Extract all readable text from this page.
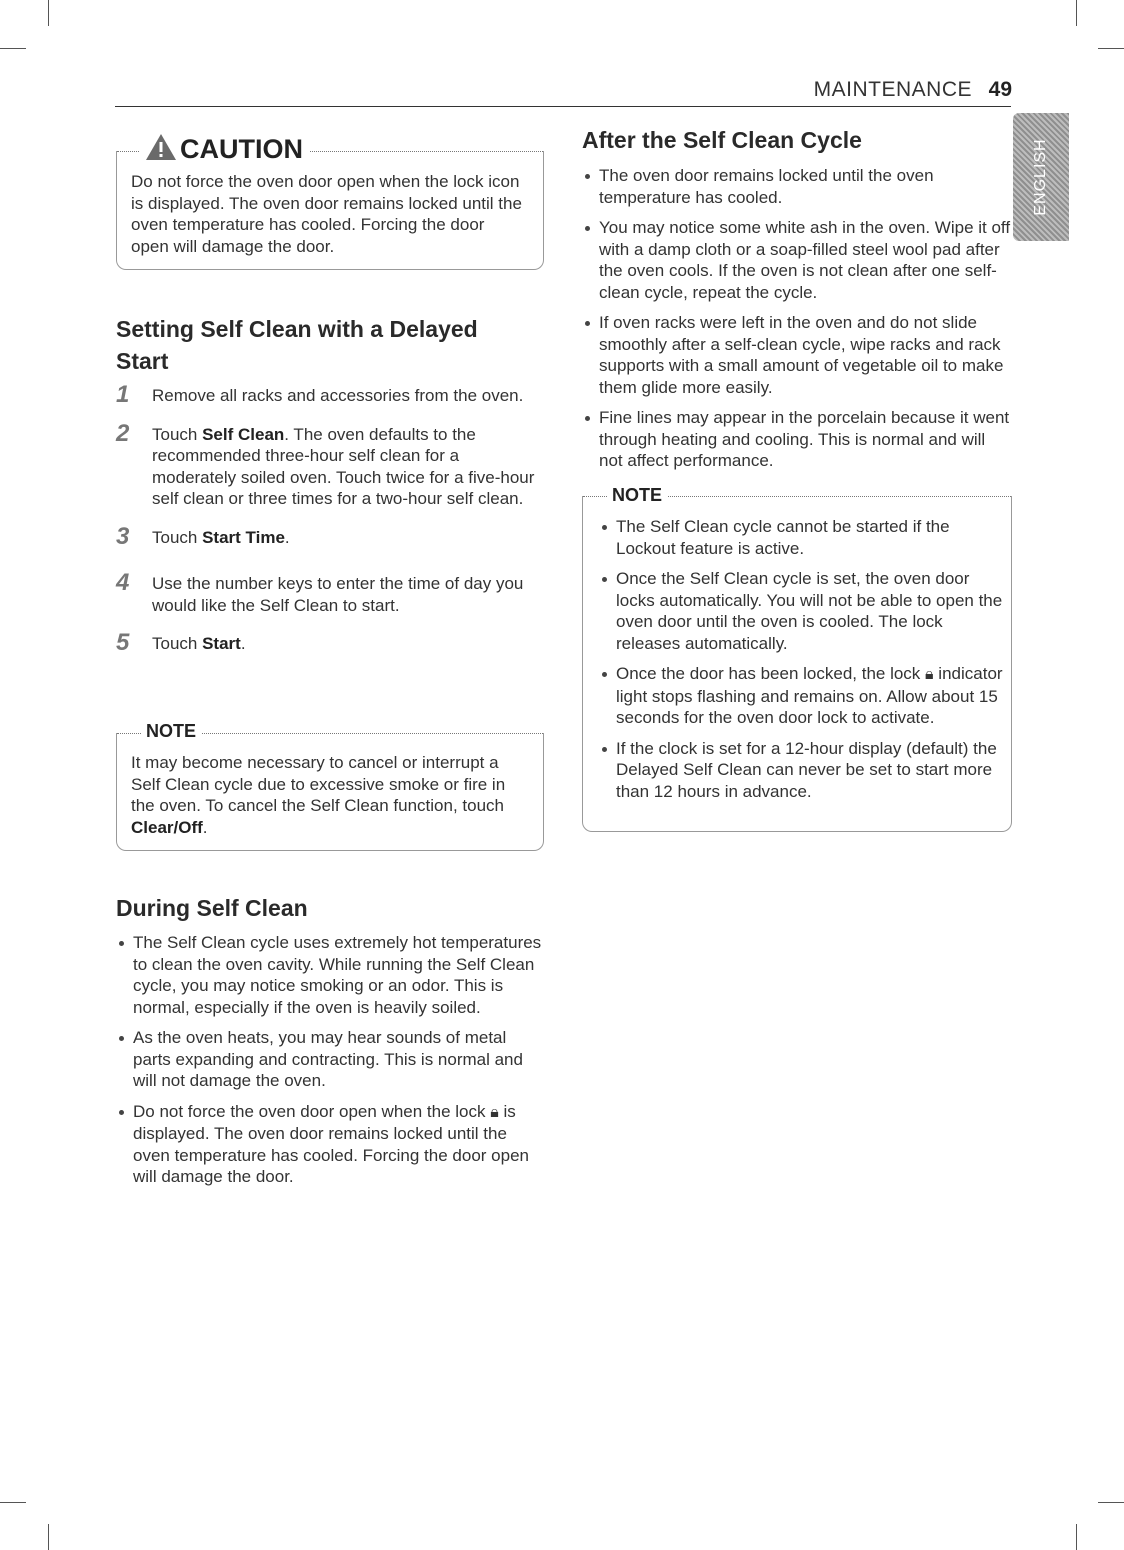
MAINTENANCE 49
ENGLISH
CAUTION
Do not force the oven door open when the lock icon is displayed. The oven door remains locked until the oven temperature has cooled. Forcing the door open will damage the door.
Setting Self Clean with a Delayed
Start
1 Remove all racks and accessories from the oven.
2 Touch Self Clean. The oven defaults to the recommended three-hour self clean for a moderately soiled oven. Touch twice for a five-hour self clean or three times for a two-hour self clean.
3 Touch Start Time.
4 Use the number keys to enter the time of day you would like the Self Clean to start.
5 Touch Start.
NOTE
It may become necessary to cancel or interrupt a Self Clean cycle due to excessive smoke or fire in the oven. To cancel the Self Clean function, touch Clear/Off.
During Self Clean
The Self Clean cycle uses extremely hot temperatures to clean the oven cavity. While running the Self Clean cycle, you may notice smoking or an odor. This is normal, especially if the oven is heavily soiled.
As the oven heats, you may hear sounds of metal parts expanding and contracting. This is normal and will not damage the oven.
Do not force the oven door open when the lock 🔒︎ is displayed. The oven door remains locked until the oven temperature has cooled. Forcing the door open will damage the door.
After the Self Clean Cycle
The oven door remains locked until the oven temperature has cooled.
You may notice some white ash in the oven. Wipe it off with a damp cloth or a soap-filled steel wool pad after the oven cools. If the oven is not clean after one self-clean cycle, repeat the cycle.
If oven racks were left in the oven and do not slide smoothly after a self-clean cycle, wipe racks and rack supports with a small amount of vegetable oil to make them glide more easily.
Fine lines may appear in the porcelain because it went through heating and cooling. This is normal and will not affect performance.
NOTE
The Self Clean cycle cannot be started if the Lockout feature is active.
Once the Self Clean cycle is set, the oven door locks automatically. You will not be able to open the oven door until the oven is cooled. The lock releases automatically.
Once the door has been locked, the lock 🔒︎ indicator light stops flashing and remains on. Allow about 15 seconds for the oven door lock to activate.
If the clock is set for a 12-hour display (default) the Delayed Self Clean can never be set to start more than 12 hours in advance.
